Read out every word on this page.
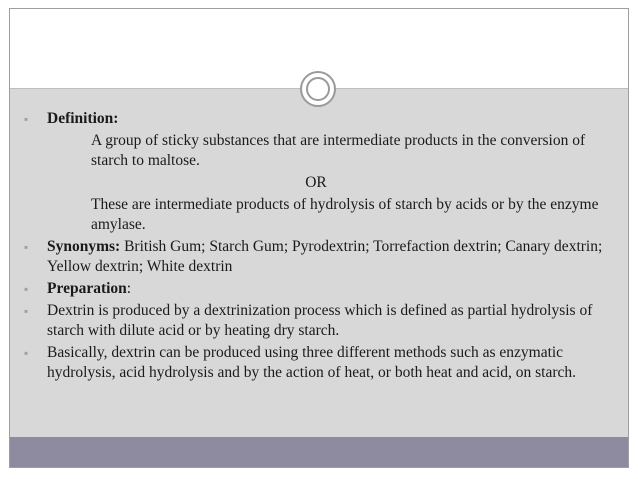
▪ Definition:
A group of sticky substances that are intermediate products in the conversion of starch to maltose.
OR
These are intermediate products of hydrolysis of starch by acids or by the enzyme amylase.
▪ Synonyms: British Gum; Starch Gum; Pyrodextrin; Torrefaction dextrin; Canary dextrin; Yellow dextrin; White dextrin
▪ Preparation:
▪ Dextrin is produced by a dextrinization process which is defined as partial hydrolysis of starch with dilute acid or by heating dry starch.
▪ Basically, dextrin can be produced using three different methods such as enzymatic hydrolysis, acid hydrolysis and by the action of heat, or both heat and acid, on starch.
